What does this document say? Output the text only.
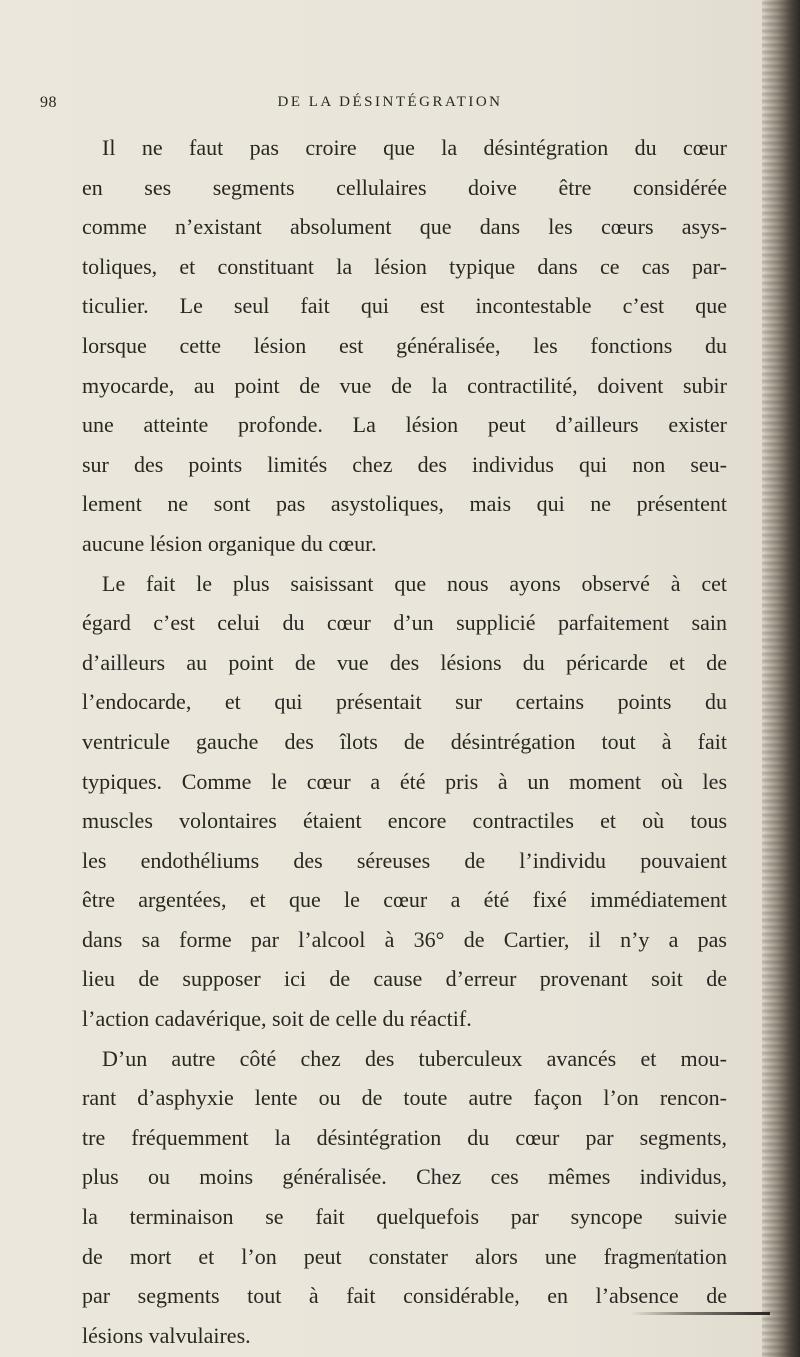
98	DE LA DÉSINTÉGRATION
Il ne faut pas croire que la désintégration du cœur
en ses segments cellulaires doive être considérée
comme n’existant absolument que dans les cœurs asys-
toliques, et constituant la lésion typique dans ce cas par-
ticulier. Le seul fait qui est incontestable c’est que
lorsque cette lésion est généralisée, les fonctions du
myocarde, au point de vue de la contractilité, doivent subir
une atteinte profonde. La lésion peut d’ailleurs exister
sur des points limités chez des individus qui non seu-
lement ne sont pas asystoliques, mais qui ne présentent
aucune lésion organique du cœur.
Le fait le plus saisissant que nous ayons observé à cet
égard c’est celui du cœur d’un supplicié parfaitement sain
d’ailleurs au point de vue des lésions du péricarde et de
l’endocarde, et qui présentait sur certains points du
ventricule gauche des îlots de désintrégation tout à fait
typiques. Comme le cœur a été pris à un moment où les
muscles volontaires étaient encore contractiles et où tous
les endothéliums des séreuses de l’individu pouvaient
être argentées, et que le cœur a été fixé immédiatement
dans sa forme par l’alcool à 36° de Cartier, il n’y a pas
lieu de supposer ici de cause d’erreur provenant soit de
l’action cadavérique, soit de celle du réactif.
D’un autre côté chez des tuberculeux avancés et mou-
rant d’asphyxie lente ou de toute autre façon l’on rencon-
tre fréquemment la désintégration du cœur par segments,
plus ou moins généralisée. Chez ces mêmes individus,
la terminaison se fait quelquefois par syncope suivie
de mort et l’on peut constater alors une fragmentation
par segments tout à fait considérable, en l’absence de
lésions valvulaires.
